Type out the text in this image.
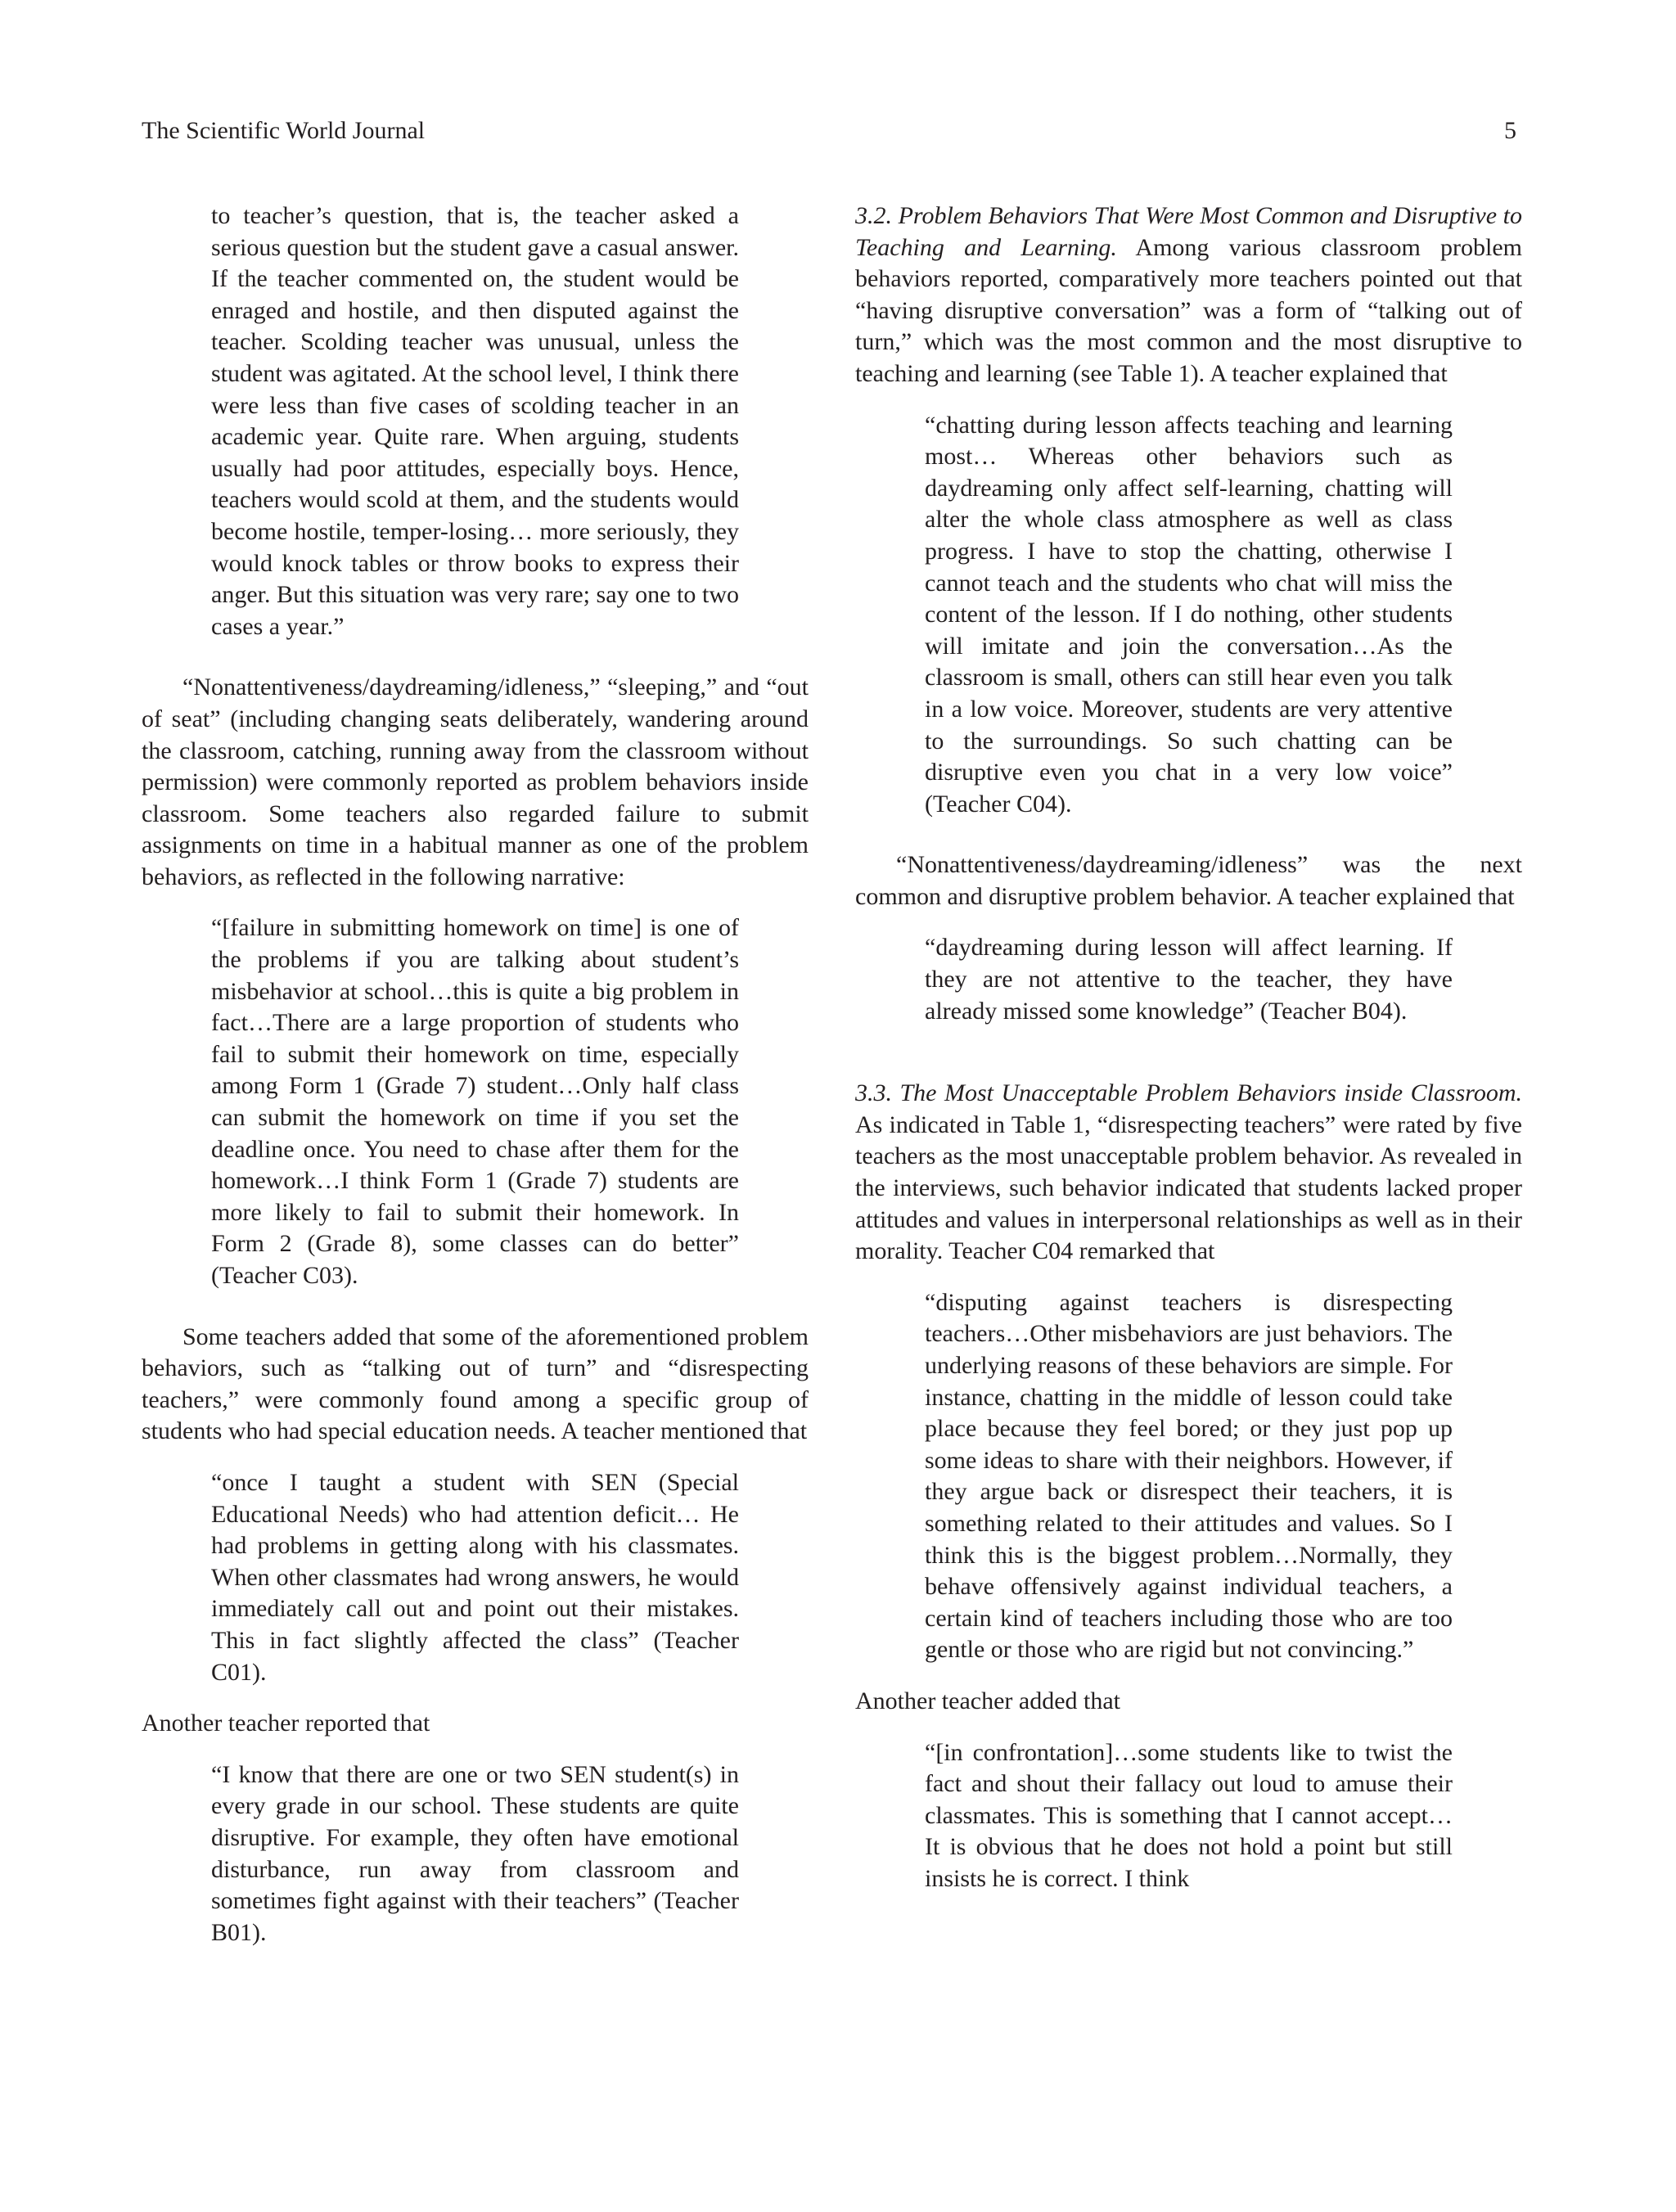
The Scientific World Journal	5
to teacher’s question, that is, the teacher asked a serious question but the student gave a casual answer. If the teacher commented on, the student would be enraged and hostile, and then disputed against the teacher. Scolding teacher was unusual, unless the student was agitated. At the school level, I think there were less than five cases of scolding teacher in an academic year. Quite rare. When arguing, students usually had poor attitudes, especially boys. Hence, teachers would scold at them, and the students would become hostile, temper-losing… more seriously, they would knock tables or throw books to express their anger. But this situation was very rare; say one to two cases a year.”

“Nonattentiveness/daydreaming/idleness,” “sleeping,” and “out of seat” (including changing seats deliberately, wandering around the classroom, catching, running away from the classroom without permission) were commonly reported as problem behaviors inside classroom. Some teachers also regarded failure to submit assignments on time in a habitual manner as one of the problem behaviors, as reflected in the following narrative:

“[failure in submitting homework on time] is one of the problems if you are talking about student’s misbehavior at school…this is quite a big problem in fact…There are a large proportion of students who fail to submit their homework on time, especially among Form 1 (Grade 7) student…Only half class can submit the homework on time if you set the deadline once. You need to chase after them for the homework…I think Form 1 (Grade 7) students are more likely to fail to submit their homework. In Form 2 (Grade 8), some classes can do better” (Teacher C03).

Some teachers added that some of the aforementioned problem behaviors, such as “talking out of turn” and “disrespecting teachers,” were commonly found among a specific group of students who had special education needs. A teacher mentioned that

“once I taught a student with SEN (Special Educational Needs) who had attention deficit… He had problems in getting along with his classmates. When other classmates had wrong answers, he would immediately call out and point out their mistakes. This in fact slightly affected the class” (Teacher C01).

Another teacher reported that

“I know that there are one or two SEN student(s) in every grade in our school. These students are quite disruptive. For example, they often have emotional disturbance, run away from classroom and sometimes fight against with their teachers” (Teacher B01).

3.2. Problem Behaviors That Were Most Common and Disruptive to Teaching and Learning. Among various classroom problem behaviors reported, comparatively more teachers pointed out that “having disruptive conversation” was a form of “talking out of turn,” which was the most common and the most disruptive to teaching and learning (see Table 1). A teacher explained that

“chatting during lesson affects teaching and learning most… Whereas other behaviors such as daydreaming only affect self-learning, chatting will alter the whole class atmosphere as well as class progress. I have to stop the chatting, otherwise I cannot teach and the students who chat will miss the content of the lesson. If I do nothing, other students will imitate and join the conversation…As the classroom is small, others can still hear even you talk in a low voice. Moreover, students are very attentive to the surroundings. So such chatting can be disruptive even you chat in a very low voice” (Teacher C04).

“Nonattentiveness/daydreaming/idleness” was the next common and disruptive problem behavior. A teacher explained that

“daydreaming during lesson will affect learning. If they are not attentive to the teacher, they have already missed some knowledge” (Teacher B04).

3.3. The Most Unacceptable Problem Behaviors inside Classroom. As indicated in Table 1, “disrespecting teachers” were rated by five teachers as the most unacceptable problem behavior. As revealed in the interviews, such behavior indicated that students lacked proper attitudes and values in interpersonal relationships as well as in their morality. Teacher C04 remarked that

“disputing against teachers is disrespecting teachers…Other misbehaviors are just behaviors. The underlying reasons of these behaviors are simple. For instance, chatting in the middle of lesson could take place because they feel bored; or they just pop up some ideas to share with their neighbors. However, if they argue back or disrespect their teachers, it is something related to their attitudes and values. So I think this is the biggest problem…Normally, they behave offensively against individual teachers, a certain kind of teachers including those who are too gentle or those who are rigid but not convincing.”

Another teacher added that

“[in confrontation]…some students like to twist the fact and shout their fallacy out loud to amuse their classmates. This is something that I cannot accept…It is obvious that he does not hold a point but still insists he is correct. I think
